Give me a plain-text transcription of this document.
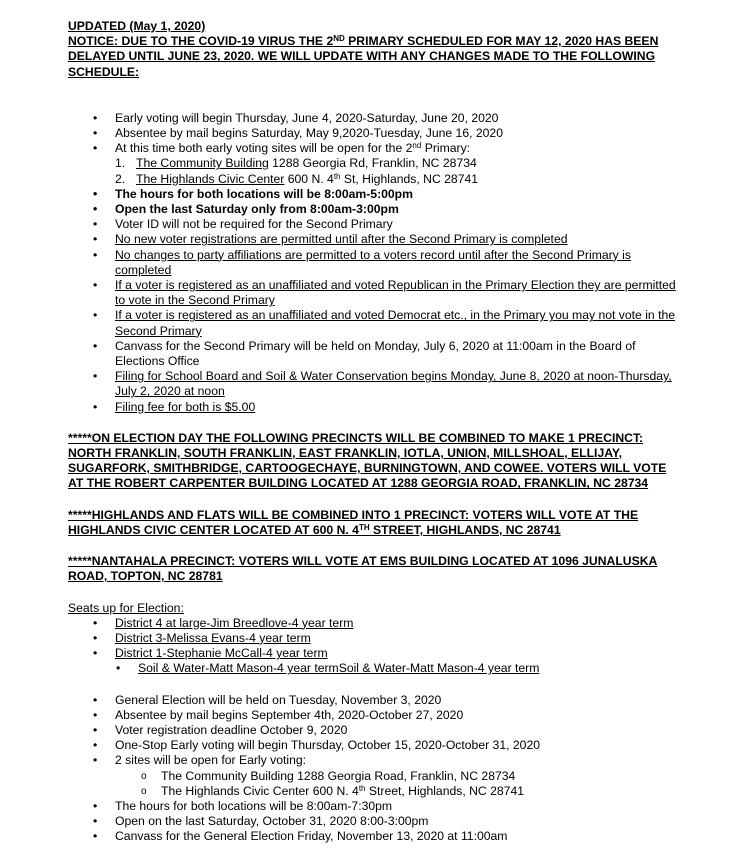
UPDATED (May 1, 2020)
NOTICE: DUE TO THE COVID-19 VIRUS THE 2ND PRIMARY SCHEDULED FOR MAY 12, 2020 HAS BEEN DELAYED UNTIL JUNE 23, 2020. WE WILL UPDATE WITH ANY CHANGES MADE TO THE FOLLOWING SCHEDULE:
• Early voting will begin Thursday, June 4, 2020-Saturday, June 20, 2020
• Absentee by mail begins Saturday, May 9,2020-Tuesday, June 16, 2020
• At this time both early voting sites will be open for the 2nd Primary:
1. The Community Building 1288 Georgia Rd, Franklin, NC 28734
2. The Highlands Civic Center 600 N. 4th St, Highlands, NC 28741
• The hours for both locations will be 8:00am-5:00pm
• Open the last Saturday only from 8:00am-3:00pm
• Voter ID will not be required for the Second Primary
• No new voter registrations are permitted until after the Second Primary is completed
• No changes to party affiliations are permitted to a voters record until after the Second Primary is completed
• If a voter is registered as an unaffiliated and voted Republican in the Primary Election they are permitted to vote in the Second Primary
• If a voter is registered as an unaffiliated and voted Democrat etc., in the Primary you may not vote in the Second Primary
• Canvass for the Second Primary will be held on Monday, July 6, 2020 at 11:00am in the Board of Elections Office
• Filing for School Board and Soil & Water Conservation begins Monday, June 8, 2020 at noon-Thursday, July 2, 2020 at noon
• Filing fee for both is $5.00
*****ON ELECTION DAY THE FOLLOWING PRECINCTS WILL BE COMBINED TO MAKE 1 PRECINCT: NORTH FRANKLIN, SOUTH FRANKLIN, EAST FRANKLIN, IOTLA, UNION, MILLSHOAL, ELLIJAY, SUGARFORK, SMITHBRIDGE, CARTOOGECHAYE, BURNINGTOWN, AND COWEE. VOTERS WILL VOTE AT THE ROBERT CARPENTER BUILDING LOCATED AT 1288 GEORGIA ROAD, FRANKLIN, NC 28734
*****HIGHLANDS AND FLATS WILL BE COMBINED INTO 1 PRECINCT: VOTERS WILL VOTE AT THE HIGHLANDS CIVIC CENTER LOCATED AT 600 N. 4TH STREET, HIGHLANDS, NC 28741
*****NANTAHALA PRECINCT: VOTERS WILL VOTE AT EMS BUILDING LOCATED AT 1096 JUNALUSKA ROAD, TOPTON, NC 28781
Seats up for Election:
• District 4 at large-Jim Breedlove-4 year term
• District 3-Melissa Evans-4 year term
• District 1-Stephanie McCall-4 year term
• Soil & Water-Matt Mason-4 year termSoil & Water-Matt Mason-4 year term
• General Election will be held on Tuesday, November 3, 2020
• Absentee by mail begins September 4th, 2020-October 27, 2020
• Voter registration deadline October 9, 2020
• One-Stop Early voting will begin Thursday, October 15, 2020-October 31, 2020
• 2 sites will be open for Early voting:
o The Community Building 1288 Georgia Road, Franklin, NC 28734
o The Highlands Civic Center 600 N. 4th Street, Highlands, NC 28741
• The hours for both locations will be 8:00am-7:30pm
• Open on the last Saturday, October 31, 2020 8:00-3:00pm
• Canvass for the General Election Friday, November 13, 2020 at 11:00am
